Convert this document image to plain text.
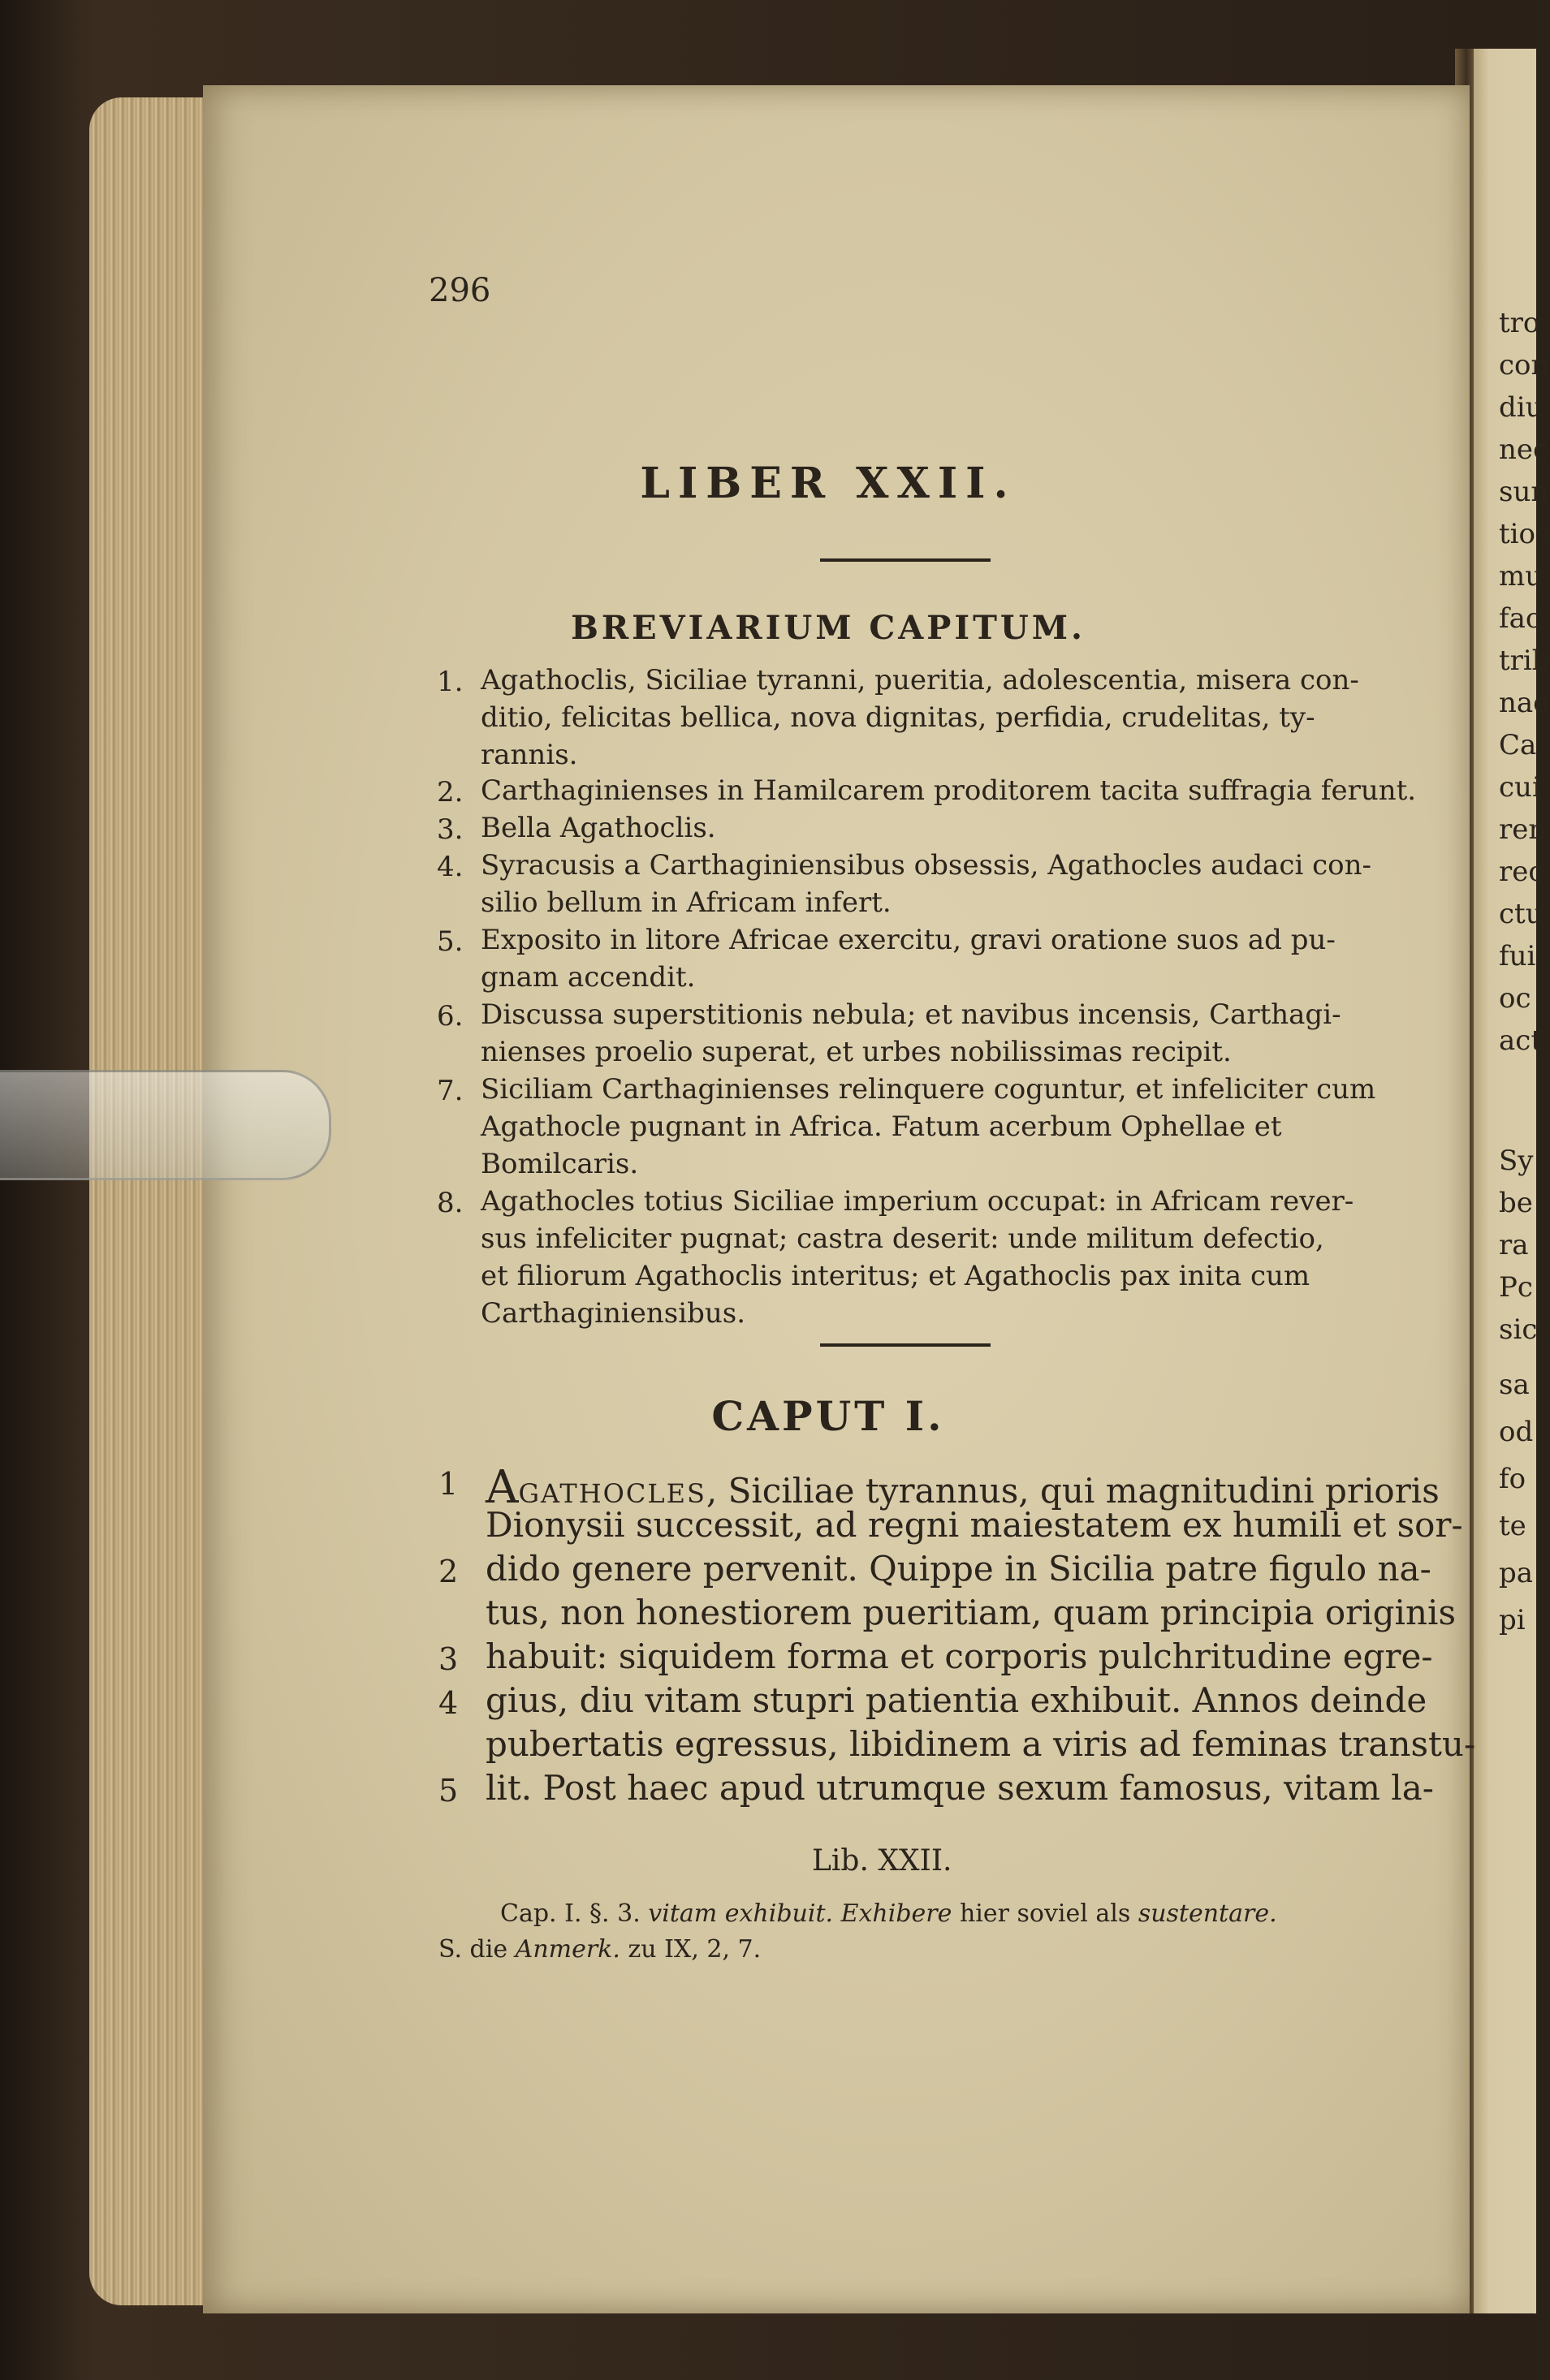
296
LIBER XXII.
BREVIARIUM CAPITUM.
1. Agathoclis, Siciliae tyranni, pueritia, adolescentia, misera con-
ditio, felicitas bellica, nova dignitas, perfidia, crudelitas, ty-
rannis.
2. Carthaginienses in Hamilcarem proditorem tacita suffragia ferunt.
3. Bella Agathoclis.
4. Syracusis a Carthaginiensibus obsessis, Agathocles audaci con-
silio bellum in Africam infert.
5. Exposito in litore Africae exercitu, gravi oratione suos ad pu-
gnam accendit.
6. Discussa superstitionis nebula; et navibus incensis, Carthagi-
nienses proelio superat, et urbes nobilissimas recipit.
7. Siciliam Carthaginienses relinquere coguntur, et infeliciter cum
Agathocle pugnant in Africa. Fatum acerbum Ophellae et
Bomilcaris.
8. Agathocles totius Siciliae imperium occupat: in Africam rever-
sus infeliciter pugnat; castra deserit: unde militum defectio,
et filiorum Agathoclis interitus; et Agathoclis pax inita cum
Carthaginiensibus.
CAPUT I.
1 AGATHOCLES, Siciliae tyrannus, qui magnitudini prioris
Dionysii successit, ad regni maiestatem ex humili et sor-
2 dido genere pervenit. Quippe in Sicilia patre figulo na-
tus, non honestiorem pueritiam, quam principia originis
3 habuit: siquidem forma et corporis pulchritudine egre-
4 gius, diu vitam stupri patientia exhibuit. Annos deinde
pubertatis egressus, libidinem a viris ad feminas transtu-
5 lit. Post haec apud utrumque sexum famosus, vitam la-
Lib. XXII.
Cap. I. §. 3. vitam exhibuit. Exhibere hier soviel als sustentare.
S. die Anmerk. zu IX, 2, 7.
tro
con
diu
nec
sun
tios
mu
fac
trib
nae
Ca
cui
ren
rec
ctu
fui
oc
act
Sy
be
ra
Pc
sic
sa
od
fo
te
pa
pi
